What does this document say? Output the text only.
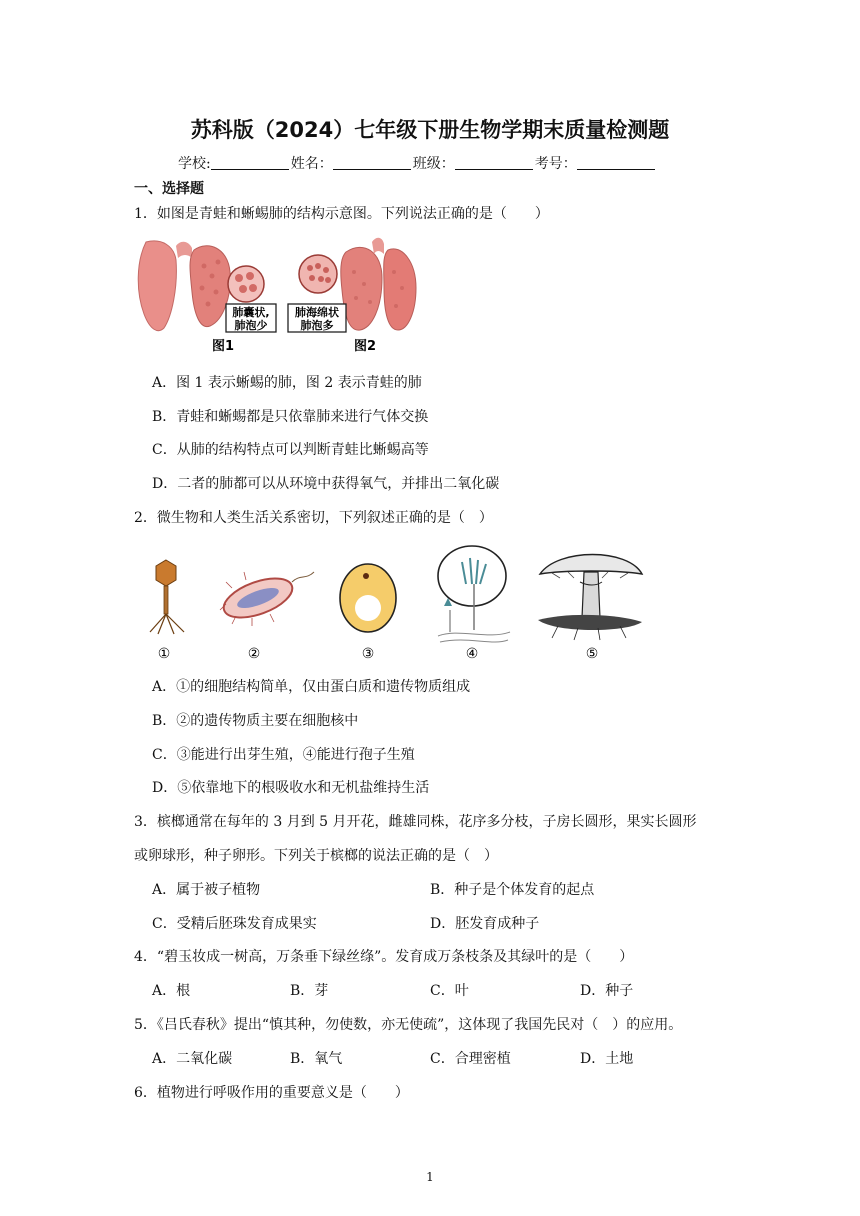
苏科版（2024）七年级下册生物学期末质量检测题
学校:	姓名：	班级：	考号：
一、选择题
1．如图是青蛙和蜥蜴肺的结构示意图。下列说法正确的是（　　）
肺囊状,
肺泡少
图1
肺海绵状
肺泡多
图2
A．图 1 表示蜥蜴的肺，图 2 表示青蛙的肺
B．青蛙和蜥蜴都是只依靠肺来进行气体交换
C．从肺的结构特点可以判断青蛙比蜥蜴高等
D．二者的肺都可以从环境中获得氧气，并排出二氧化碳
2．微生物和人类生活关系密切，下列叙述正确的是（　）
①	②	③	④	⑤
A．①的细胞结构简单，仅由蛋白质和遗传物质组成
B．②的遗传物质主要在细胞核中
C．③能进行出芽生殖，④能进行孢子生殖
D．⑤依靠地下的根吸收水和无机盐维持生活
3．槟榔通常在每年的 3 月到 5 月开花，雌雄同株，花序多分枝，子房长圆形，果实长圆形
或卵球形，种子卵形。下列关于槟榔的说法正确的是（　）
A．属于被子植物	B．种子是个体发育的起点
C．受精后胚珠发育成果实	D．胚发育成种子
4．“碧玉妆成一树高，万条垂下绿丝绦”。发育成万条枝条及其绿叶的是（　　）
A．根	B．芽	C．叶	D．种子
5．《吕氏春秋》提出“慎其种，勿使数，亦无使疏”，这体现了我国先民对（　）的应用。
A．二氧化碳	B．氧气	C．合理密植	D．土地
6．植物进行呼吸作用的重要意义是（　　）
1
